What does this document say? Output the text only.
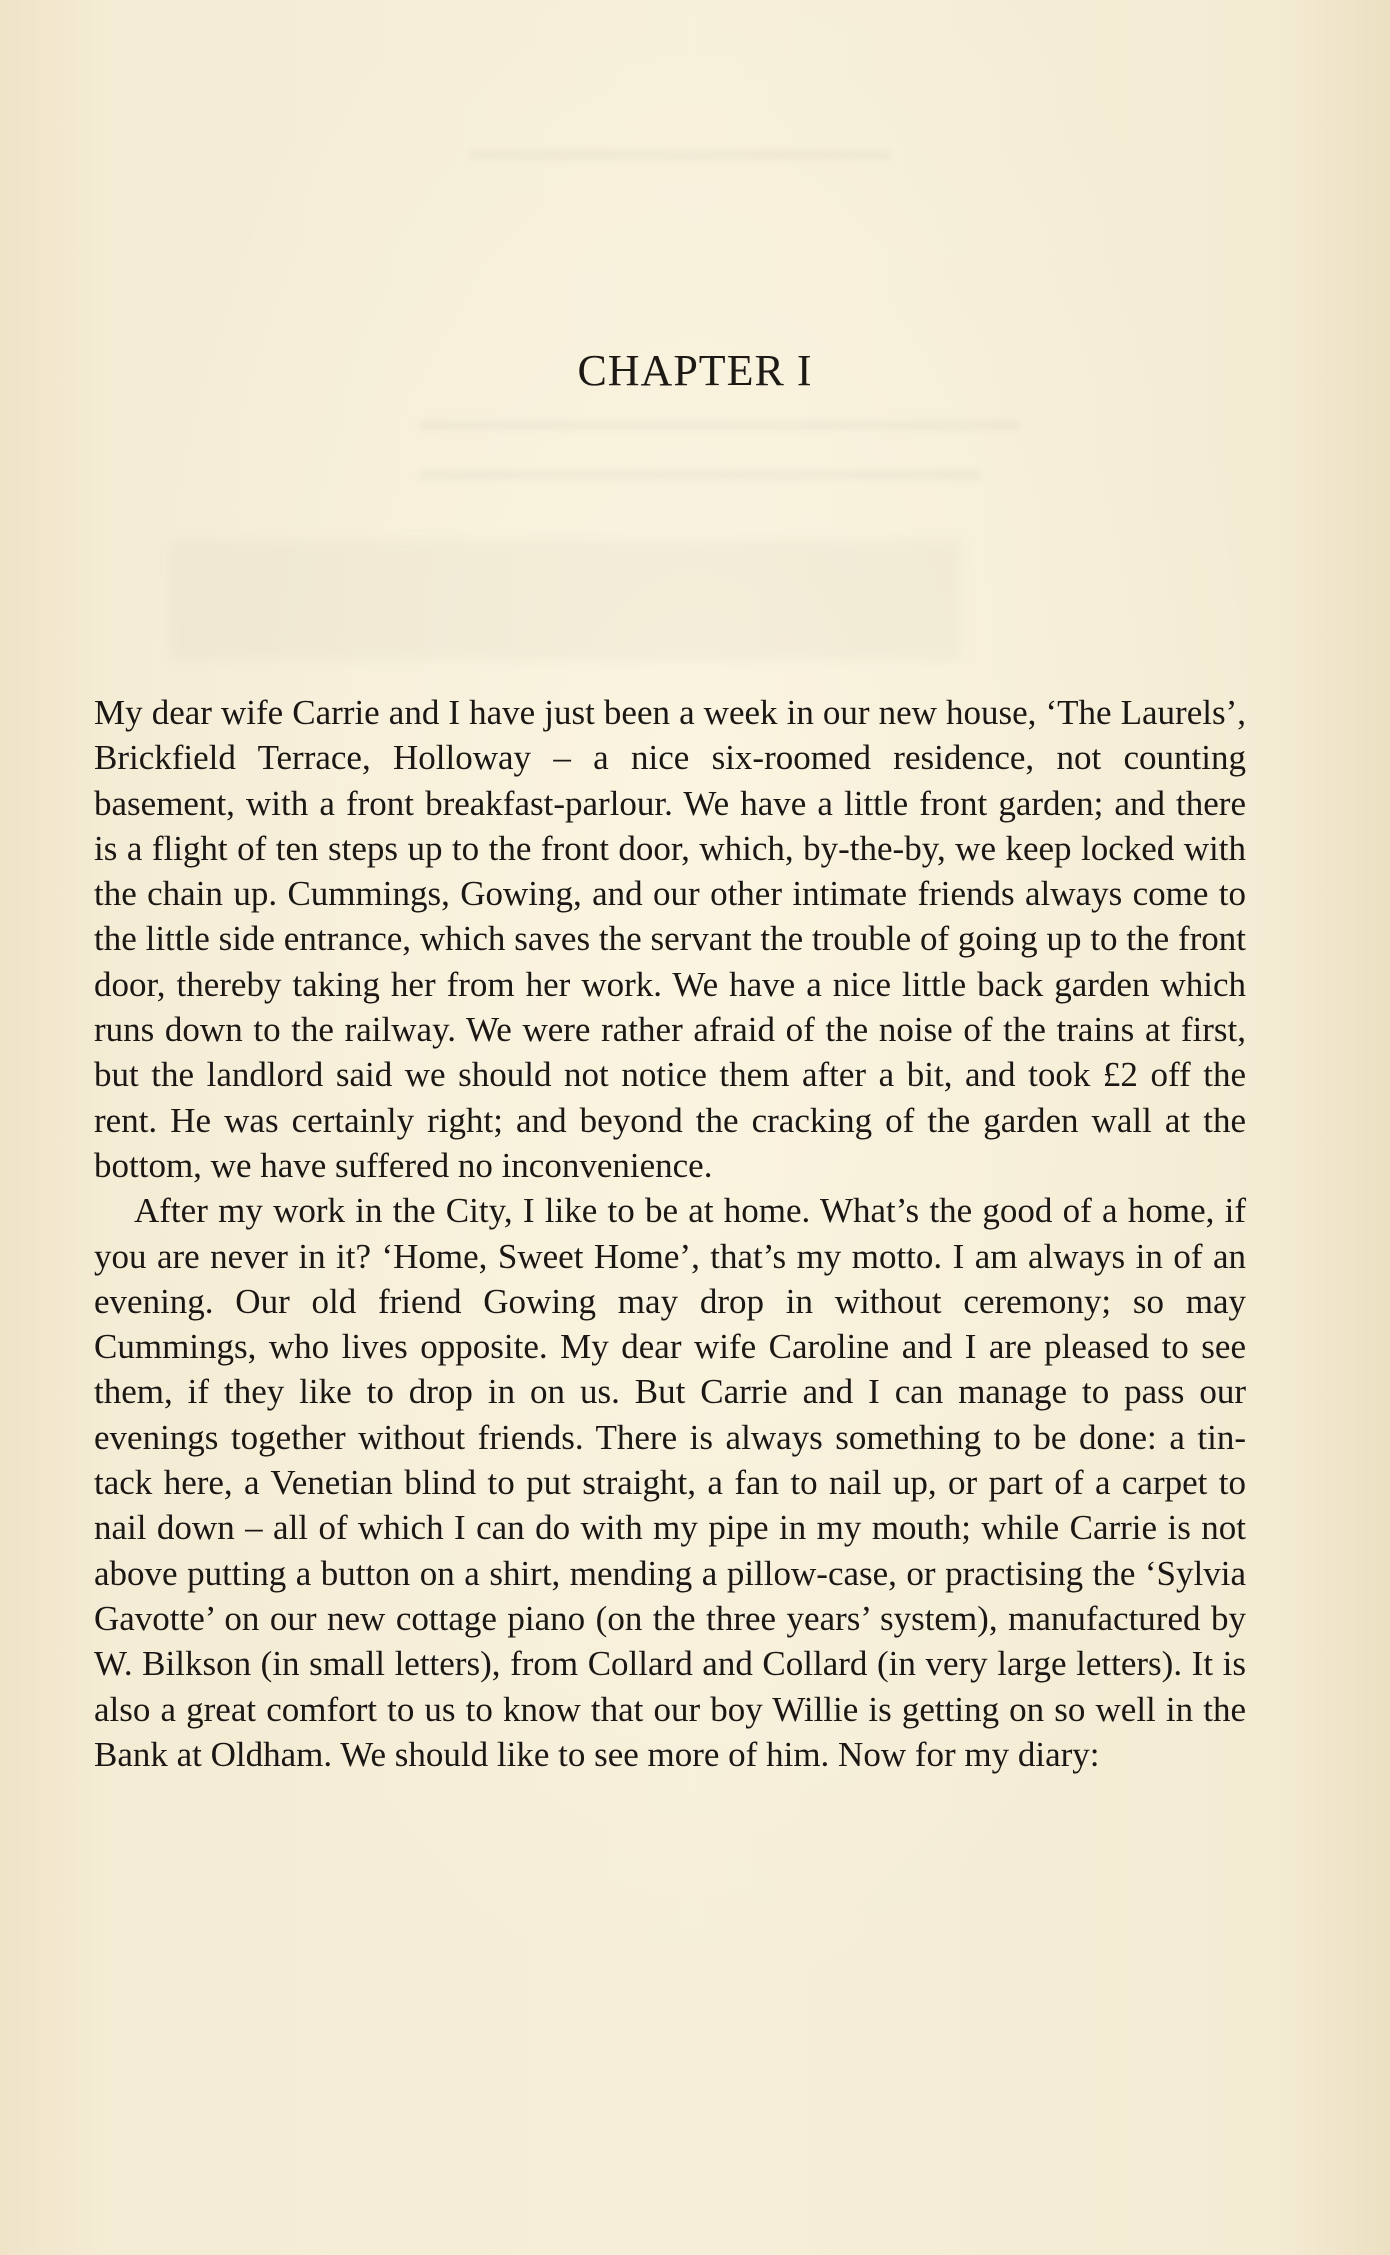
CHAPTER I

My dear wife Carrie and I have just been a week in our new house, ‘The Laurels’, Brickfield Terrace, Holloway – a nice six-roomed residence, not counting basement, with a front breakfast-parlour. We have a little front garden; and there is a flight of ten steps up to the front door, which, by-the-by, we keep locked with the chain up. Cummings, Gowing, and our other intimate friends always come to the little side entrance, which saves the servant the trouble of going up to the front door, thereby taking her from her work. We have a nice little back garden which runs down to the railway. We were rather afraid of the noise of the trains at first, but the landlord said we should not notice them after a bit, and took £2 off the rent. He was certainly right; and beyond the cracking of the garden wall at the bottom, we have suffered no inconvenience.

After my work in the City, I like to be at home. What’s the good of a home, if you are never in it? ‘Home, Sweet Home’, that’s my motto. I am always in of an evening. Our old friend Gowing may drop in without ceremony; so may Cummings, who lives opposite. My dear wife Caroline and I are pleased to see them, if they like to drop in on us. But Carrie and I can manage to pass our evenings together without friends. There is always something to be done: a tin-tack here, a Venetian blind to put straight, a fan to nail up, or part of a carpet to nail down – all of which I can do with my pipe in my mouth; while Carrie is not above putting a button on a shirt, mending a pillow-case, or practising the ‘Sylvia Gavotte’ on our new cottage piano (on the three years’ system), manufactured by W. Bilkson (in small letters), from Collard and Collard (in very large letters). It is also a great comfort to us to know that our boy Willie is getting on so well in the Bank at Oldham. We should like to see more of him. Now for my diary:
